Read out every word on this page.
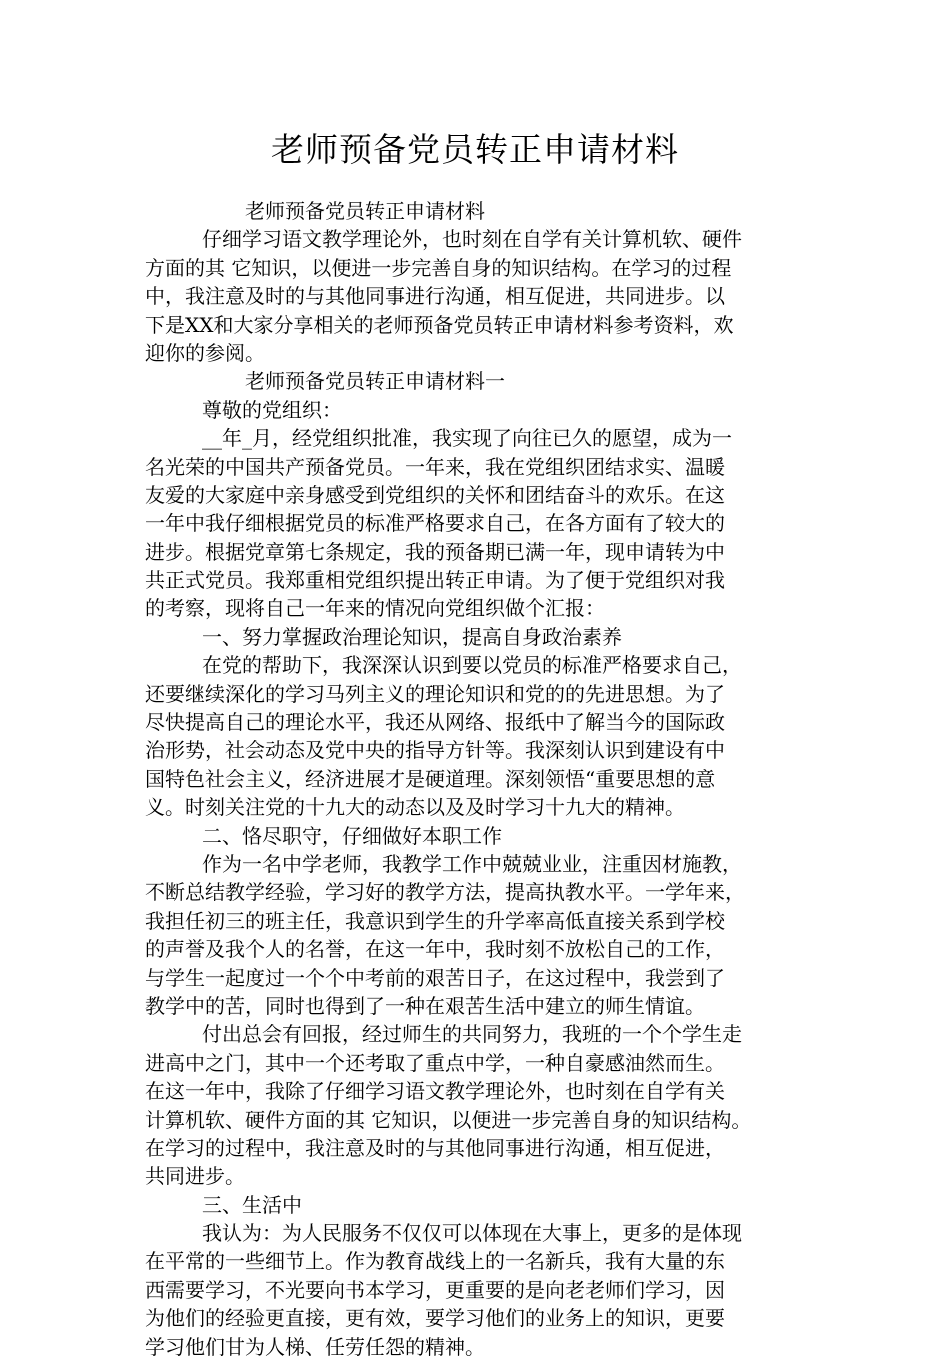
老师预备党员转正申请材料
老师预备党员转正申请材料
仔细学习语文教学理论外，也时刻在自学有关计算机软、硬件
方面的其 它知识，以便进一步完善自身的知识结构。在学习的过程
中，我注意及时的与其他同事进行沟通，相互促进，共同进步。以
下是XX和大家分享相关的老师预备党员转正申请材料参考资料，欢
迎你的参阅。
老师预备党员转正申请材料一
尊敬的党组织：
__年_月，经党组织批准，我实现了向往已久的愿望，成为一
名光荣的中国共产预备党员。一年来，我在党组织团结求实、温暖
友爱的大家庭中亲身感受到党组织的关怀和团结奋斗的欢乐。在这
一年中我仔细根据党员的标准严格要求自己，在各方面有了较大的
进步。根据党章第七条规定，我的预备期已满一年，现申请转为中
共正式党员。我郑重相党组织提出转正申请。为了便于党组织对我
的考察，现将自己一年来的情况向党组织做个汇报：
一、努力掌握政治理论知识，提高自身政治素养
在党的帮助下，我深深认识到要以党员的标准严格要求自己，
还要继续深化的学习马列主义的理论知识和党的的先进思想。为了
尽快提高自己的理论水平，我还从网络、报纸中了解当今的国际政
治形势，社会动态及党中央的指导方针等。我深刻认识到建设有中
国特色社会主义，经济进展才是硬道理。深刻领悟“重要思想的意
义。时刻关注党的十九大的动态以及及时学习十九大的精神。
二、恪尽职守，仔细做好本职工作
作为一名中学老师，我教学工作中兢兢业业，注重因材施教，
不断总结教学经验，学习好的教学方法，提高执教水平。一学年来，
我担任初三的班主任，我意识到学生的升学率高低直接关系到学校
的声誉及我个人的名誉，在这一年中，我时刻不放松自己的工作，
与学生一起度过一个个中考前的艰苦日子，在这过程中，我尝到了
教学中的苦，同时也得到了一种在艰苦生活中建立的师生情谊。
付出总会有回报，经过师生的共同努力，我班的一个个学生走
进高中之门，其中一个还考取了重点中学，一种自豪感油然而生。
在这一年中，我除了仔细学习语文教学理论外，也时刻在自学有关
计算机软、硬件方面的其 它知识，以便进一步完善自身的知识结构。
在学习的过程中，我注意及时的与其他同事进行沟通，相互促进，
共同进步。
三、生活中
我认为：为人民服务不仅仅可以体现在大事上，更多的是体现
在平常的一些细节上。作为教育战线上的一名新兵，我有大量的东
西需要学习，不光要向书本学习，更重要的是向老老师们学习，因
为他们的经验更直接，更有效，要学习他们的业务上的知识，更要
学习他们甘为人梯、任劳任怨的精神。
